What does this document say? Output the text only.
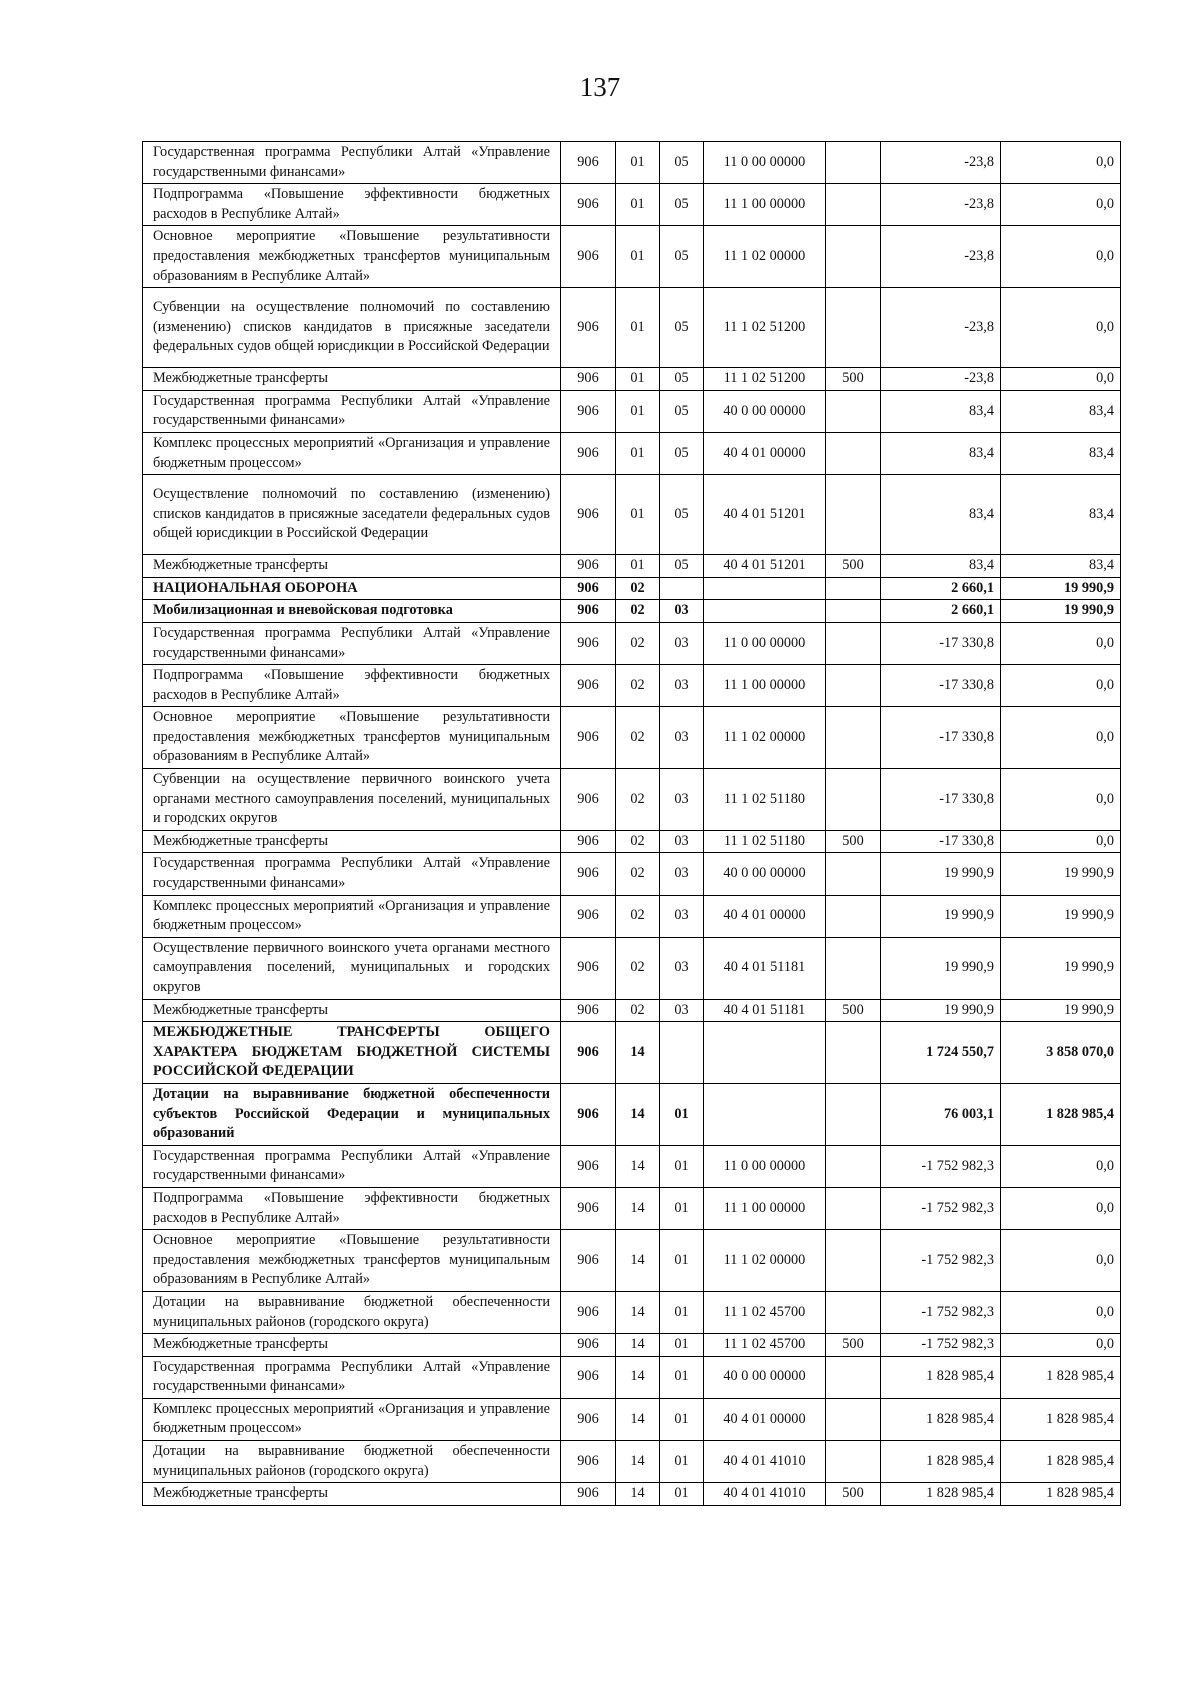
137
Государственная программа Республики Алтай «Управление государственными финансами»	906	01	05	11 0 00 00000		-23,8	0,0
Подпрограмма «Повышение эффективности бюджетных расходов в Республике Алтай»	906	01	05	11 1 00 00000		-23,8	0,0
Основное мероприятие «Повышение результативности предоставления межбюджетных трансфертов муниципальным образованиям в Республике Алтай»	906	01	05	11 1 02 00000		-23,8	0,0
Субвенции на осуществление полномочий по составлению (изменению) списков кандидатов в присяжные заседатели федеральных судов общей юрисдикции в Российской Федерации	906	01	05	11 1 02 51200		-23,8	0,0
Межбюджетные трансферты	906	01	05	11 1 02 51200	500	-23,8	0,0
Государственная программа Республики Алтай «Управление государственными финансами»	906	01	05	40 0 00 00000		83,4	83,4
Комплекс процессных мероприятий «Организация и управление бюджетным процессом»	906	01	05	40 4 01 00000		83,4	83,4
Осуществление полномочий по составлению (изменению) списков кандидатов в присяжные заседатели федеральных судов общей юрисдикции в Российской Федерации	906	01	05	40 4 01 51201		83,4	83,4
Межбюджетные трансферты	906	01	05	40 4 01 51201	500	83,4	83,4
НАЦИОНАЛЬНАЯ ОБОРОНА	906	02				2 660,1	19 990,9
Мобилизационная и вневойсковая подготовка	906	02	03			2 660,1	19 990,9
Государственная программа Республики Алтай «Управление государственными финансами»	906	02	03	11 0 00 00000		-17 330,8	0,0
Подпрограмма «Повышение эффективности бюджетных расходов в Республике Алтай»	906	02	03	11 1 00 00000		-17 330,8	0,0
Основное мероприятие «Повышение результативности предоставления межбюджетных трансфертов муниципальным образованиям в Республике Алтай»	906	02	03	11 1 02 00000		-17 330,8	0,0
Субвенции на осуществление первичного воинского учета органами местного самоуправления поселений, муниципальных и городских округов	906	02	03	11 1 02 51180		-17 330,8	0,0
Межбюджетные трансферты	906	02	03	11 1 02 51180	500	-17 330,8	0,0
Государственная программа Республики Алтай «Управление государственными финансами»	906	02	03	40 0 00 00000		19 990,9	19 990,9
Комплекс процессных мероприятий «Организация и управление бюджетным процессом»	906	02	03	40 4 01 00000		19 990,9	19 990,9
Осуществление первичного воинского учета органами местного самоуправления поселений, муниципальных и городских округов	906	02	03	40 4 01 51181		19 990,9	19 990,9
Межбюджетные трансферты	906	02	03	40 4 01 51181	500	19 990,9	19 990,9
МЕЖБЮДЖЕТНЫЕ ТРАНСФЕРТЫ ОБЩЕГО ХАРАКТЕРА БЮДЖЕТАМ БЮДЖЕТНОЙ СИСТЕМЫ РОССИЙСКОЙ ФЕДЕРАЦИИ	906	14				1 724 550,7	3 858 070,0
Дотации на выравнивание бюджетной обеспеченности субъектов Российской Федерации и муниципальных образований	906	14	01			76 003,1	1 828 985,4
Государственная программа Республики Алтай «Управление государственными финансами»	906	14	01	11 0 00 00000		-1 752 982,3	0,0
Подпрограмма «Повышение эффективности бюджетных расходов в Республике Алтай»	906	14	01	11 1 00 00000		-1 752 982,3	0,0
Основное мероприятие «Повышение результативности предоставления межбюджетных трансфертов муниципальным образованиям в Республике Алтай»	906	14	01	11 1 02 00000		-1 752 982,3	0,0
Дотации на выравнивание бюджетной обеспеченности муниципальных районов (городского округа)	906	14	01	11 1 02 45700		-1 752 982,3	0,0
Межбюджетные трансферты	906	14	01	11 1 02 45700	500	-1 752 982,3	0,0
Государственная программа Республики Алтай «Управление государственными финансами»	906	14	01	40 0 00 00000		1 828 985,4	1 828 985,4
Комплекс процессных мероприятий «Организация и управление бюджетным процессом»	906	14	01	40 4 01 00000		1 828 985,4	1 828 985,4
Дотации на выравнивание бюджетной обеспеченности муниципальных районов (городского округа)	906	14	01	40 4 01 41010		1 828 985,4	1 828 985,4
Межбюджетные трансферты	906	14	01	40 4 01 41010	500	1 828 985,4	1 828 985,4
